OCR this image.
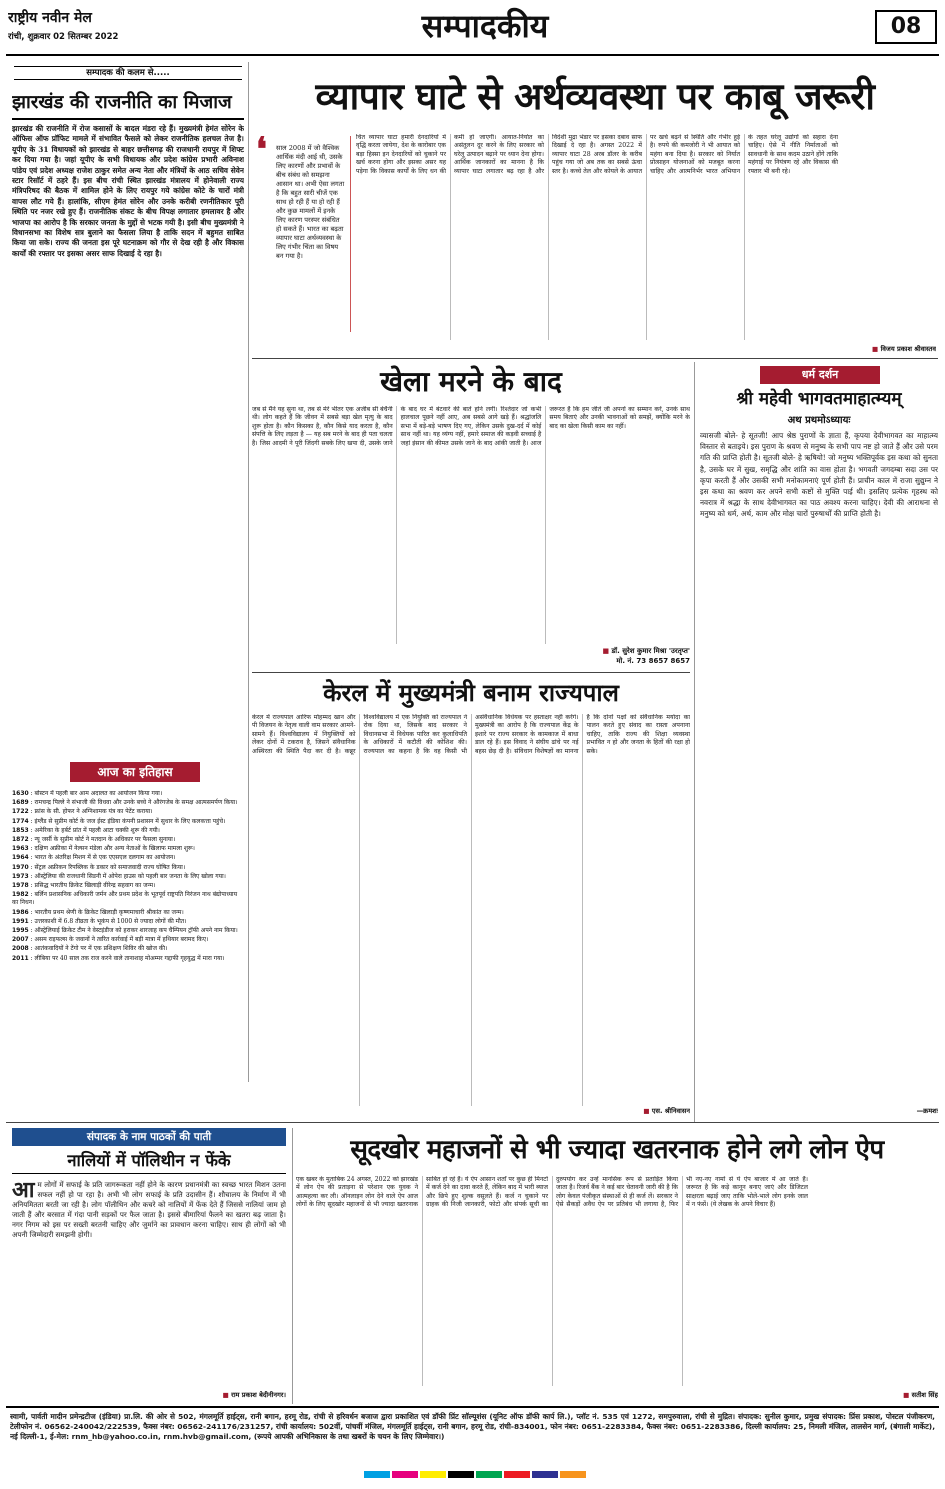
राष्ट्रीय नवीन मेल
रांची, शुक्रवार 02 सितम्बर 2022	सम्पादकीय	08
सम्पादक की कलम से.....
झारखंड की राजनीति का मिजाज
झारखंड की राजनीति में रोज कसासों के बादल मंडरा रहे हैं। मुख्यमंत्री हेमंत सोरेन के ऑफिस ऑफ प्रॉफिट मामले में संभावित फैसले को लेकर राजनीतिक हलचल तेज है। यूपीए के 31 विधायकों को झारखंड से बाहर छत्तीसगढ़ की राजधानी रायपुर में शिफ्ट कर दिया गया है। जहां यूपीए के सभी विधायक और प्रदेश कांग्रेस प्रभारी अविनाश पांडेय एवं प्रदेश अध्यक्ष राजेश ठाकुर समेत अन्य नेता और मंत्रियों के आठ सचिव सेवेन स्टार रिसॉर्ट में ठहरे हैं। इस बीच रांची स्थित झारखंड मंत्रालय में होनेवाली राज्य मंत्रिपरिषद की बैठक में शामिल होने के लिए रायपुर गये कांग्रेस कोटे के चारों मंत्री वापस लौट गये हैं। हालांकि, सीएम हेमंत सोरेन और उनके करीबी रणनीतिकार पूरी स्थिति पर नजर रखे हुए हैं। राजनीतिक संकट के बीच विपक्ष लगातार हमलावर है और भाजपा का आरोप है कि सरकार जनता के मुद्दों से भटक गयी है। इसी बीच मुख्यमंत्री ने विधानसभा का विशेष सत्र बुलाने का फैसला लिया है ताकि सदन में बहुमत साबित किया जा सके। राज्य की जनता इस पूरे घटनाक्रम को गौर से देख रही है और विकास कार्यों की रफ्तार पर इसका असर साफ दिखाई दे रहा है।
आज का इतिहास
1630 : बोस्टन में पहली बार आम अदालत का आयोजन किया गया।
1689 : रामचन्द्र पिल्ले ने संभाजी की विधवा और उनके बच्चे ने औरंगजेब के समक्ष आत्मसमर्पण किया।
1722 : फ्रांस के सी. होफर ने अग्निशामक यंत्र का पेटेंट कराया।
1774 : इंग्लैंड से सुप्रीम कोर्ट के जज ईस्ट इंडिया कंपनी प्रशासन में सुधार के लिए कलकत्ता पहुंचे।
1853 : अमेरिका के हर्बर्ट प्रांत में पहली आटा चक्की शुरू की गयी।
1872 : न्यू जर्सी के सुप्रीम कोर्ट ने मतदान के अधिकार पर फैसला सुनाया।
1963 : दक्षिण अफ्रीका में नेल्सन मंडेला और अन्य नेताओं के खिलाफ मामला शुरू।
1964 : भारत के अंतरिक्ष मिशन में से एक एएसएल दलगाम का आयोजन।
1970 : सेंट्रल अफ्रीकन रिपब्लिक के डकार को समाजवादी राज्य घोषित किया।
1973 : ऑस्ट्रेलिया की राजधानी सिडनी में ओपेरा हाउस को पहली बार जनता के लिए खोला गया।
1978 : प्रसिद्ध भारतीय क्रिकेट खिलाड़ी वीरेन्द्र सहवाग का जन्म।
1982 : बर्लिन प्रशासनिक अधिकारी जर्मन और प्रथम प्रदेश के भूतपूर्व राष्ट्रपति निरंजन नाथ बंद्योपाध्याय का निधन।
1986 : भारतीय प्रथम श्रेणी के क्रिकेट खिलाड़ी कृष्णमाचारी श्रीकांत का जन्म।
1991 : उत्तरकाशी में 6.8 तीव्रता के भूकंप से 1000 से ज्यादा लोगों की मौत।
1995 : ऑस्ट्रेलियाई क्रिकेट टीम ने वेस्टइंडीज को हराकर शारजाह कप चैम्पियन ट्रॉफी अपने नाम किया।
2007 : असम राइफल्स के जवानों ने त्वरित कार्रवाई में बड़ी मात्रा में हथियार बरामद किए।
2008 : आतंकवादियों ने टेंगो पर में एक प्रशिक्षण शिविर की खोज की।
2011 : लीबिया पर 40 साल तक राज करने वाले तानाशाह मोअम्मर गद्दाफी गृहयुद्ध में मारा गया।
व्यापार घाटे से अर्थव्यवस्था पर काबू जरूरी
❛	साल 2008 में जो वैश्विक आर्थिक मंदी आई थी, उसके लिए कारणों और प्रभावों के बीच संबंध को समझना आसान था। अभी ऐसा लगता है कि बहुत सारी चीजें एक साथ हो रही हैं या हो रही हैं और कुछ मामलों में इनके लिए कारण परस्पर संबंधित हो सकते हैं। भारत का बढ़ता व्यापार घाटा अर्थव्यवस्था के लिए गंभीर चिंता का विषय बन गया है।
चित व्यापार घाटा हमारी देनदारियों में वृद्धि करता जायेगा, देश के कारोबार एक बड़ा हिस्सा इन देनदारियों को चुकाने पर खर्च करना होगा और इसका असर यह पड़ेगा कि विकास कार्यों के लिए धन की कमी हो जाएगी। आयात-निर्यात का असंतुलन दूर करने के लिए सरकार को घरेलू उत्पादन बढ़ाने पर ध्यान देना होगा। आर्थिक जानकारों का मानना है कि व्यापार घाटा लगातार बढ़ रहा है और विदेशी मुद्रा भंडार पर इसका दबाव साफ दिखाई दे रहा है। अगस्त 2022 में व्यापार घाटा 28 अरब डॉलर के करीब पहुंच गया जो अब तक का सबसे ऊंचा स्तर है। कच्चे तेल और कोयले के आयात पर खर्च बढ़ने से स्थिति और गंभीर हुई है। रुपये की कमजोरी ने भी आयात को महंगा बना दिया है। सरकार को निर्यात प्रोत्साहन योजनाओं को मजबूत करना चाहिए और आत्मनिर्भर भारत अभियान के तहत घरेलू उद्योगों को सहारा देना चाहिए। ऐसे में नीति निर्माताओं को सावधानी के साथ कदम उठाने होंगे ताकि महंगाई पर नियंत्रण रहे और विकास की रफ्तार भी बनी रहे।
■ विजय प्रकाश श्रीवास्तव
खेला मरने के बाद
जब से मैंने यह सुना था, तब से मेरे भीतर एक अजीब सी बेचैनी थी। लोग कहते हैं कि जीवन में सबसे बड़ा खेल मृत्यु के बाद शुरू होता है। कौन किसका है, कौन किसे याद करता है, कौन संपत्ति के लिए लड़ता है — यह सब मरने के बाद ही पता चलता है। जिस आदमी ने पूरी जिंदगी सबके लिए खपा दी, उसके जाने के बाद घर में बंटवारे की बातें होने लगीं। रिश्तेदार जो कभी हालचाल पूछने नहीं आए, अब सबसे आगे खड़े हैं। श्रद्धांजलि सभा में बड़े-बड़े भाषण दिए गए, लेकिन उसके दुख-दर्द में कोई साथ नहीं था। यह व्यंग्य नहीं, हमारे समाज की कड़वी सच्चाई है जहां इंसान की कीमत उसके जाने के बाद आंकी जाती है। आज जरूरत है कि हम जीते जी अपनों का सम्मान करें, उनके साथ समय बिताएं और उनकी भावनाओं को समझें, क्योंकि मरने के बाद का खेला किसी काम का नहीं।
■ डॉ. सुरेश कुमार मिश्रा 'उरतृप्त'
मो. नं. 73 8657 8657
केरल में मुख्यमंत्री बनाम राज्यपाल
केरल में राज्यपाल आरिफ मोहम्मद खान और पी विजयन के नेतृत्व वाली वाम सरकार आमने-सामने हैं। विश्वविद्यालय में नियुक्तियों को लेकर दोनों में टकराव है, जिसने संवैधानिक अस्थिरता की स्थिति पैदा कर दी है। कन्नूर विश्वविद्यालय में एक नियुक्ति को राज्यपाल ने रोक दिया था, जिसके बाद सरकार ने विधानसभा में विधेयक पारित कर कुलाधिपति के अधिकारों में कटौती की कोशिश की। राज्यपाल का कहना है कि वह किसी भी असंवैधानिक विधेयक पर हस्ताक्षर नहीं करेंगे। मुख्यमंत्री का आरोप है कि राज्यपाल केंद्र के इशारे पर राज्य सरकार के कामकाज में बाधा डाल रहे हैं। इस विवाद ने संघीय ढांचे पर नई बहस छेड़ दी है। संविधान विशेषज्ञों का मानना है कि दोनों पक्षों को संवैधानिक मर्यादा का पालन करते हुए संवाद का रास्ता अपनाना चाहिए, ताकि राज्य की शिक्षा व्यवस्था प्रभावित न हो और जनता के हितों की रक्षा हो सके।
■ एस. श्रीनिवासन
धर्म दर्शन
श्री महेवी भागवतमाहात्म्यम्
अथ प्रथमोऽध्यायः
व्यासजी बोले- हे सूतजी! आप श्रेष्ठ पुराणों के ज्ञाता हैं, कृपया देवीभागवत का माहात्म्य विस्तार से बताइये। इस पुराण के श्रवण से मनुष्य के सभी पाप नष्ट हो जाते हैं और उसे परम गति की प्राप्ति होती है। सूतजी बोले- हे ऋषियो! जो मनुष्य भक्तिपूर्वक इस कथा को सुनता है, उसके घर में सुख, समृद्धि और शांति का वास होता है। भगवती जगदम्बा सदा उस पर कृपा करती हैं और उसकी सभी मनोकामनाएं पूर्ण होती हैं। प्राचीन काल में राजा सुद्युम्न ने इस कथा का श्रवण कर अपने सभी कष्टों से मुक्ति पाई थी। इसलिए प्रत्येक गृहस्थ को नवरात्र में श्रद्धा के साथ देवीभागवत का पाठ अवश्य करना चाहिए। देवी की आराधना से मनुष्य को धर्म, अर्थ, काम और मोक्ष चारों पुरुषार्थों की प्राप्ति होती है।
—क्रमशः
संपादक के नाम पाठकों की पाती
नालियों में पॉलिथीन न फेंके
आम लोगों में सफाई के प्रति जागरूकता नहीं होने के कारण प्रधानमंत्री का स्वच्छ भारत मिशन उतना सफल नहीं हो पा रहा है। अभी भी लोग सफाई के प्रति उदासीन हैं। शौचालय के निर्माण में भी अनियमितता बरती जा रही है। लोग पॉलीथिन और कचरे को नालियों में फेंक देते हैं जिससे नालियां जाम हो जाती हैं और बरसात में गंदा पानी सड़कों पर फैल जाता है। इससे बीमारियां फैलने का खतरा बढ़ जाता है। नगर निगम को इस पर सख्ती बरतनी चाहिए और जुर्माने का प्रावधान करना चाहिए। साथ ही लोगों को भी अपनी जिम्मेदारी समझनी होगी।
■ राम प्रकाश बेदीनीनगर।
सूदखोर महाजनों से भी ज्यादा खतरनाक होने लगे लोन ऐप
एक खबर के मुताबिक 24 अगस्त, 2022 को झारखंड में लोन ऐप की प्रताड़ना से परेशान एक युवक ने आत्महत्या कर ली। ऑनलाइन लोन देने वाले ऐप आज लोगों के लिए सूदखोर महाजनों से भी ज्यादा खतरनाक साबित हो रहे हैं। ये ऐप आसान शर्तों पर कुछ ही मिनटों में कर्ज देने का दावा करते हैं, लेकिन बाद में भारी ब्याज और छिपे हुए शुल्क वसूलते हैं। कर्ज न चुकाने पर ग्राहक की निजी जानकारी, फोटो और संपर्क सूची का दुरुपयोग कर उन्हें मानसिक रूप से प्रताड़ित किया जाता है। रिजर्व बैंक ने कई बार चेतावनी जारी की है कि लोग केवल पंजीकृत संस्थाओं से ही कर्ज लें। सरकार ने ऐसे सैकड़ों अवैध ऐप पर प्रतिबंध भी लगाया है, फिर भी नए-नए नामों से ये ऐप बाजार में आ जाते हैं। जरूरत है कि कड़े कानून बनाए जाएं और डिजिटल साक्षरता बढ़ाई जाए ताकि भोले-भाले लोग इनके जाल में न फंसें। (ये लेखक के अपने विचार हैं)
■ सतीश सिंह
स्वामी, पार्वती मादीन प्रमेन्द्रटीज (इंडिया) प्रा.लि. की ओर से 502, मंगलमूर्ति हाईट्स, रानी बगान, हरमू रोड, रांची से हरिवर्धन बजाज द्वारा प्रकाशित एवं डॉफी प्रिंट सॉल्यूशंस (यूनिट ऑफ डॉफी कार्प लि.), प्लॉट नं. 535 एवं 1272, समपुरुवाला, रांची से मुद्रित। संपादक: सुनील कुमार, प्रमुख संपादक: प्रिंस प्रकाश, पोस्टल पंजीकरण, टेलीफोन नं. 06562-240042/222539, फैक्स नंबर: 06562-241176/231257, रांची कार्यालय: 502वीं, पांचवीं मंजिल, मंगलमूर्ति हाईट्स, रानी बगान, हरमू रोड, रांची-834001, फोन नंबर: 0651-2283384, फैक्स नंबर: 0651-2283386, दिल्ली कार्यालय: 25, निमली मंजिल, तालसेन मार्ग, (बंगाली मार्केट), नई दिल्ली-1, ई-मेल: rnm_hb@yahoo.co.in, rnm.hvb@gmail.com, (रूपये आपकी अभिनिकास के तथा खबरों के चयन के लिए जिम्मेवार।)
